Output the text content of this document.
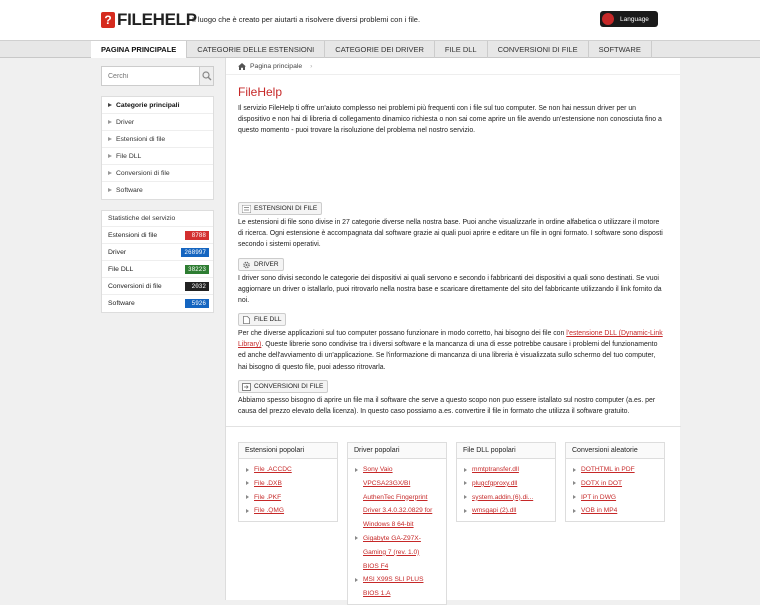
? FILEHELP
Il luogo che è creato per aiutarti a risolvere diversi problemi con i file.	Language
PAGINA PRINCIPALE	CATEGORIE DELLE ESTENSIONI	CATEGORIE DEI DRIVER	FILE DLL	CONVERSIONI DI FILE	SOFTWARE
Cerchi
Categorie principali
Driver
Estensioni di file
File DLL
Conversioni di file
Software
Statistiche del servizio
Estensioni di file	8788
Driver	268997
File DLL	38223
Conversioni di file	2032
Software	5926
Pagina principale ›
FileHelp
Il servizio FileHelp ti offre un'aiuto complesso nei problemi più frequenti con i file sul tuo computer. Se non hai nessun driver per un dispositivo e non hai di libreria di collegamento dinamico richiesta o non sai come aprire un file avendo un'estensione non conosciuta fino a questo momento - puoi trovare la risoluzione del problema nel nostro servizio.
ESTENSIONI DI FILE
Le estensioni di file sono divise in 27 categorie diverse nella nostra base. Puoi anche visualizzarle in ordine alfabetica o utilizzare il motore di ricerca. Ogni estensione è accompagnata dal software grazie ai quali puoi aprire e editare un file in ogni formato. I software sono disposti secondo i sistemi operativi.
DRIVER
I driver sono divisi secondo le categorie dei dispositivi ai quali servono e secondo i fabbricanti dei dispositivi a quali sono destinati. Se vuoi aggiornare un driver o istallarlo, puoi ritrovarlo nella nostra base e scaricare direttamente del sito del fabbricante utilizzando il link fornito da noi.
FILE DLL
Per che diverse applicazioni sul tuo computer possano funzionare in modo corretto, hai bisogno dei file con l'estensione DLL (Dynamic-Link Library). Queste librerie sono condivise tra i diversi software e la mancanza di una di esse potrebbe causare i problemi del funzionamento ed anche dell'avviamento di un'applicazione. Se l'informazione di mancanza di una libreria è visualizzata sullo schermo del tuo computer, hai bisogno di questo file, puoi adesso ritrovarla.
CONVERSIONI DI FILE
Abbiamo spesso bisogno di aprire un file ma il software che serve a questo scopo non puo essere istallato sul nostro computer (a.es. per causa del prezzo elevato della licenza). In questo caso possiamo a.es. convertire il file in formato che utilizza il software gratuito.
Estensioni popolari
File .ACCDC
File .DXB
File .PKF
File .QMG
Driver popolari
Sony Vaio
VPCSA23GX/BI
AuthenTec Fingerprint
Driver 3.4.0.32.0829 for
Windows 8 64-bit
Gigabyte GA-Z97X-
Gaming 7 (rev. 1.0)
BIOS F4
MSI X99S SLI PLUS
BIOS 1.A
File DLL popolari
mmtptransfer.dll
plugcfgproxy.dll
system.addin.(6).di...
wmsgapi (2).dll
Conversioni aleatorie
DOTHTML in PDF
DOTX in DOT
IPT in DWG
VOB in MP4
